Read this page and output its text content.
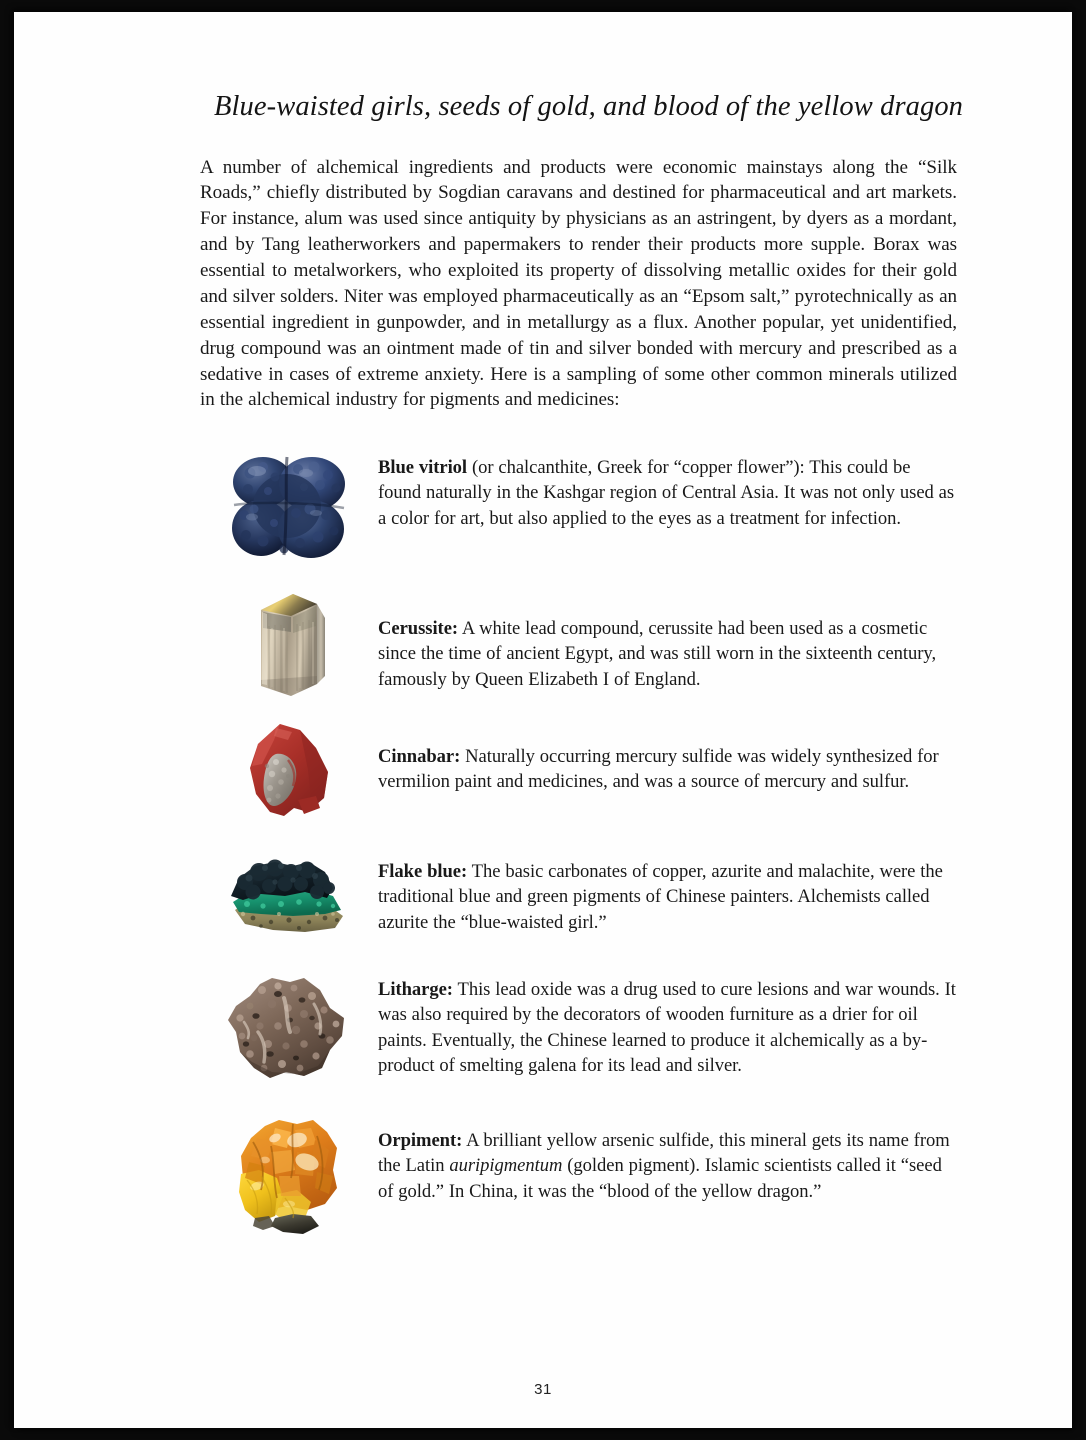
Blue-waisted girls, seeds of gold, and blood of the yellow dragon

A number of alchemical ingredients and products were economic mainstays along the “Silk Roads,” chiefly distributed by Sogdian caravans and destined for pharmaceutical and art markets. For instance, alum was used since antiquity by physicians as an astringent, by dyers as a mordant, and by Tang leatherworkers and papermakers to render their products more supple. Borax was essential to metalworkers, who exploited its property of dissolving metallic oxides for their gold and silver solders. Niter was employed pharmaceutically as an “Epsom salt,” pyrotechnically as an essential ingredient in gunpowder, and in metallurgy as a flux. Another popular, yet unidentified, drug compound was an ointment made of tin and silver bonded with mercury and prescribed as a sedative in cases of extreme anxiety. Here is a sampling of some other common minerals utilized in the alchemical industry for pigments and medicines:

Blue vitriol (or chalcanthite, Greek for “copper flower”): This could be found naturally in the Kashgar region of Central Asia. It was not only used as a color for art, but also applied to the eyes as a treatment for infection.
Cerussite: A white lead compound, cerussite had been used as a cosmetic since the time of ancient Egypt, and was still worn in the sixteenth century, famously by Queen Elizabeth I of England.
Cinnabar: Naturally occurring mercury sulfide was widely synthesized for vermilion paint and medicines, and was a source of mercury and sulfur.
Flake blue: The basic carbonates of copper, azurite and malachite, were the traditional blue and green pigments of Chinese painters. Alchemists called azurite the “blue-waisted girl.”
Litharge: This lead oxide was a drug used to cure lesions and war wounds. It was also required by the decorators of wooden furniture as a drier for oil paints. Eventually, the Chinese learned to produce it alchemically as a by-product of smelting galena for its lead and silver.
Orpiment: A brilliant yellow arsenic sulfide, this mineral gets its name from the Latin auripigmentum (golden pigment). Islamic scientists called it “seed of gold.” In China, it was the “blood of the yellow dragon.”
31
